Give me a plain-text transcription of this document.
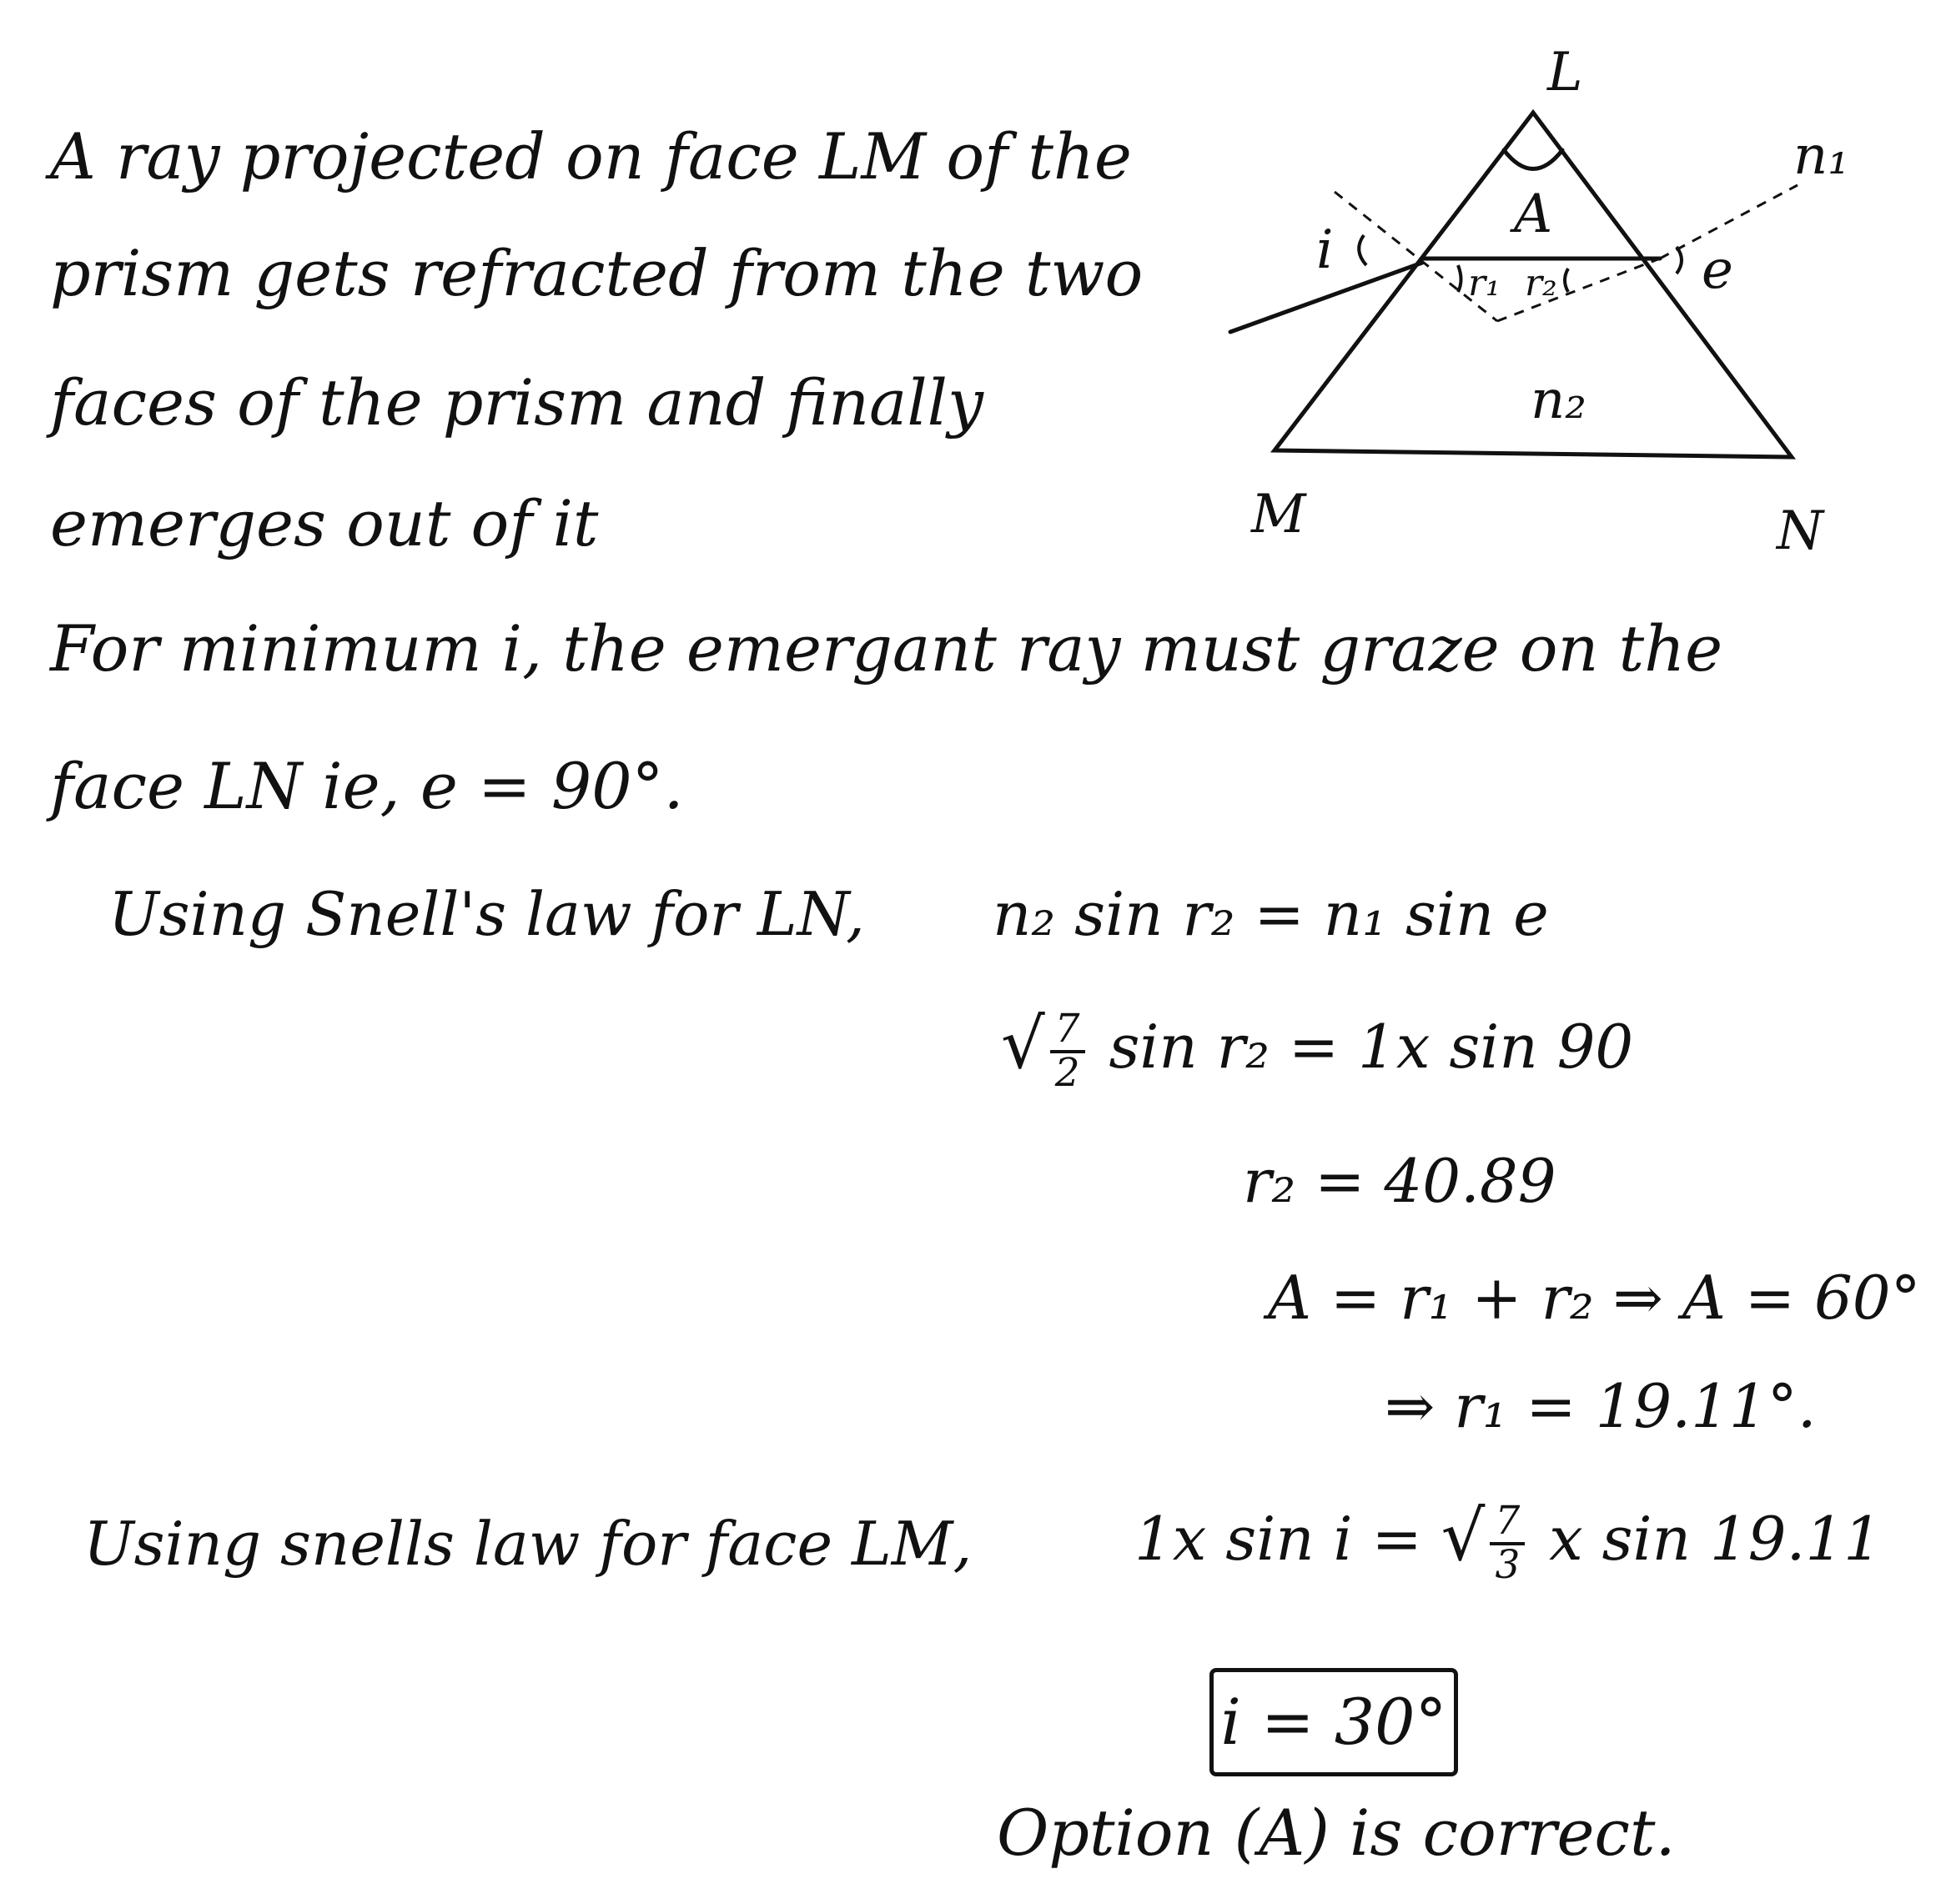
L
A
i
r₁ r₂	e
n₁
n₂
M	N
A ray projected on face LM of the
prism gets refracted from the two
faces of the prism and finally
emerges out of it
For minimum i, the emergant ray must graze on the
face LN ie, e = 90°.
Using Snell's law for LN, n₂ sin r₂ = n₁ sin e
√ $\frac{7}{2}$ sin r₂ = 1x sin 90
r₂ = 40.89
A = r₁ + r₂ ⇒ A = 60°
⇒ r₁ = 19.11°.
Using snells law for face LM,	1x sin i = √ $\frac{7}{3}$ x sin 19.11
i = 30°
Option (A) is correct.
